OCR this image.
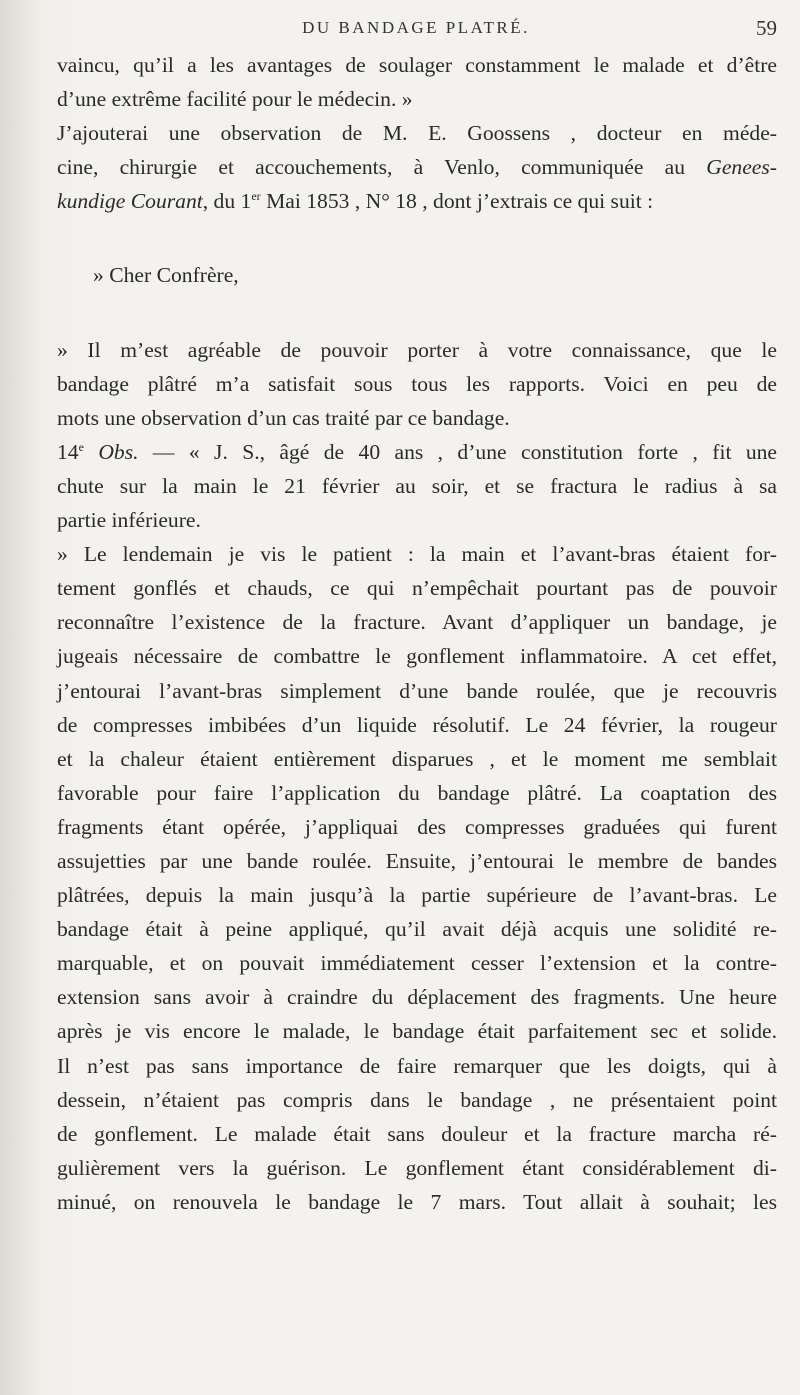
DU BANDAGE PLATRÉ.	59
vaincu, qu’il a les avantages de soulager constamment le malade et d’être
d’une extrême facilité pour le médecin. »
J’ajouterai une observation de M. E. Goossens , docteur en méde-
cine, chirurgie et accouchements, à Venlo, communiquée au Genees-
kundige Courant, du 1er Mai 1853 , N° 18 , dont j’extrais ce qui suit :
» Cher Confrère,
» Il m’est agréable de pouvoir porter à votre connaissance, que le
bandage plâtré m’a satisfait sous tous les rapports. Voici en peu de
mots une observation d’un cas traité par ce bandage.
14e Obs. — « J. S., âgé de 40 ans , d’une constitution forte , fit une
chute sur la main le 21 février au soir, et se fractura le radius à sa
partie inférieure.
» Le lendemain je vis le patient : la main et l’avant-bras étaient for-
tement gonflés et chauds, ce qui n’empêchait pourtant pas de pouvoir
reconnaître l’existence de la fracture. Avant d’appliquer un bandage, je
jugeais nécessaire de combattre le gonflement inflammatoire. A cet effet,
j’entourai l’avant-bras simplement d’une bande roulée, que je recouvris
de compresses imbibées d’un liquide résolutif. Le 24 février, la rougeur
et la chaleur étaient entièrement disparues , et le moment me semblait
favorable pour faire l’application du bandage plâtré. La coaptation des
fragments étant opérée, j’appliquai des compresses graduées qui furent
assujetties par une bande roulée. Ensuite, j’entourai le membre de bandes
plâtrées, depuis la main jusqu’à la partie supérieure de l’avant-bras. Le
bandage était à peine appliqué, qu’il avait déjà acquis une solidité re-
marquable, et on pouvait immédiatement cesser l’extension et la contre-
extension sans avoir à craindre du déplacement des fragments. Une heure
après je vis encore le malade, le bandage était parfaitement sec et solide.
Il n’est pas sans importance de faire remarquer que les doigts, qui à
dessein, n’étaient pas compris dans le bandage , ne présentaient point
de gonflement. Le malade était sans douleur et la fracture marcha ré-
gulièrement vers la guérison. Le gonflement étant considérablement di-
minué, on renouvela le bandage le 7 mars. Tout allait à souhait; les
